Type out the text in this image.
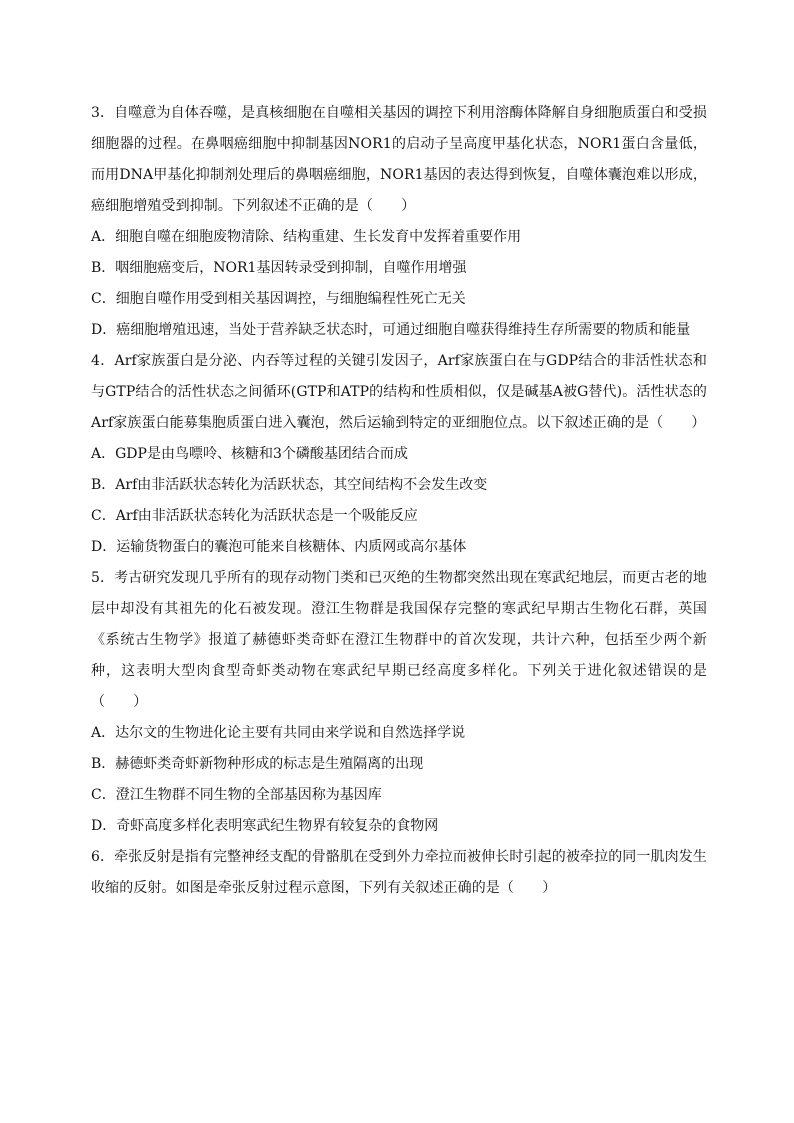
3．自噬意为自体吞噬，是真核细胞在自噬相关基因的调控下利用溶酶体降解自身细胞质蛋白和受损细胞器的过程。在鼻咽癌细胞中抑制基因NOR1的启动子呈高度甲基化状态，NOR1蛋白含量低，而用DNA甲基化抑制剂处理后的鼻咽癌细胞，NOR1基因的表达得到恢复，自噬体囊泡难以形成，癌细胞增殖受到抑制。下列叙述不正确的是（　　）

A．细胞自噬在细胞废物清除、结构重建、生长发育中发挥着重要作用

B．咽细胞癌变后，NOR1基因转录受到抑制，自噬作用增强

C．细胞自噬作用受到相关基因调控，与细胞编程性死亡无关

D．癌细胞增殖迅速，当处于营养缺乏状态时，可通过细胞自噬获得维持生存所需要的物质和能量

4．Arf家族蛋白是分泌、内吞等过程的关键引发因子，Arf家族蛋白在与GDP结合的非活性状态和与GTP结合的活性状态之间循环(GTP和ATP的结构和性质相似，仅是碱基A被G替代)。活性状态的Arf家族蛋白能募集胞质蛋白进入囊泡，然后运输到特定的亚细胞位点。以下叙述正确的是（　　）

A．GDP是由鸟嘌呤、核糖和3个磷酸基团结合而成

B．Arf由非活跃状态转化为活跃状态，其空间结构不会发生改变

C．Arf由非活跃状态转化为活跃状态是一个吸能反应

D．运输货物蛋白的囊泡可能来自核糖体、内质网或高尔基体

5．考古研究发现几乎所有的现存动物门类和已灭绝的生物都突然出现在寒武纪地层，而更古老的地层中却没有其祖先的化石被发现。澄江生物群是我国保存完整的寒武纪早期古生物化石群，英国《系统古生物学》报道了赫德虾类奇虾在澄江生物群中的首次发现，共计六种，包括至少两个新种，这表明大型肉食型奇虾类动物在寒武纪早期已经高度多样化。下列关于进化叙述错误的是（　　）

A．达尔文的生物进化论主要有共同由来学说和自然选择学说

B．赫德虾类奇虾新物种形成的标志是生殖隔离的出现

C．澄江生物群不同生物的全部基因称为基因库

D．奇虾高度多样化表明寒武纪生物界有较复杂的食物网

6．牵张反射是指有完整神经支配的骨骼肌在受到外力牵拉而被伸长时引起的被牵拉的同一肌肉发生收缩的反射。如图是牵张反射过程示意图，下列有关叙述正确的是（　　）
